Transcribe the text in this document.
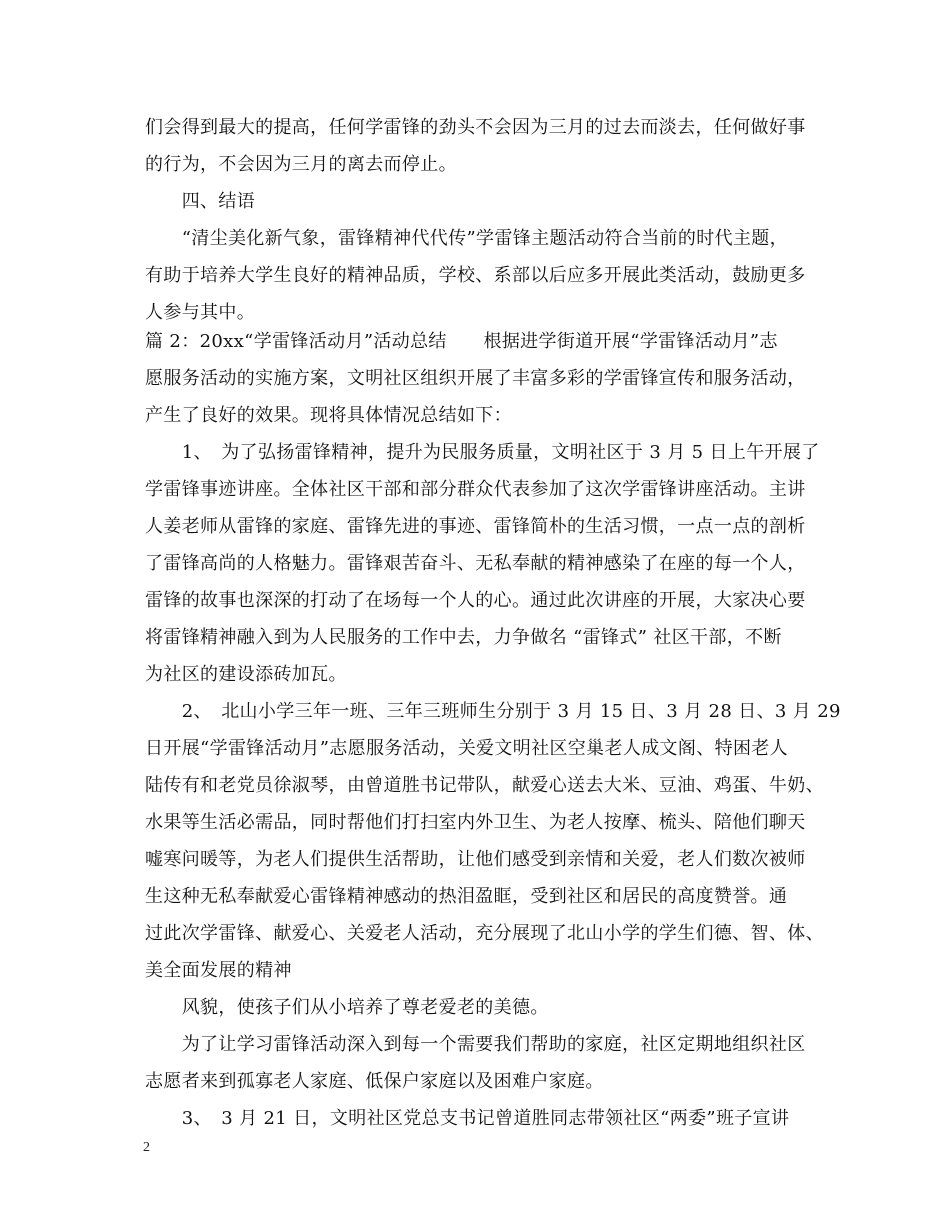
们会得到最大的提高，任何学雷锋的劲头不会因为三月的过去而淡去，任何做好事
的行为，不会因为三月的离去而停止。
　　四、结语
　　“清尘美化新气象，雷锋精神代代传”学雷锋主题活动符合当前的时代主题，
有助于培养大学生良好的精神品质，学校、系部以后应多开展此类活动，鼓励更多
人参与其中。
篇 2：20xx“学雷锋活动月”活动总结　　根据进学街道开展“学雷锋活动月”志
愿服务活动的实施方案，文明社区组织开展了丰富多彩的学雷锋宣传和服务活动，
产生了良好的效果。现将具体情况总结如下：
　　1、　为了弘扬雷锋精神，提升为民服务质量，文明社区于 3 月 5 日上午开展了
学雷锋事迹讲座。全体社区干部和部分群众代表参加了这次学雷锋讲座活动。主讲
人姜老师从雷锋的家庭、雷锋先进的事迹、雷锋简朴的生活习惯，一点一点的剖析
了雷锋高尚的人格魅力。雷锋艰苦奋斗、无私奉献的精神感染了在座的每一个人，
雷锋的故事也深深的打动了在场每一个人的心。通过此次讲座的开展，大家决心要
将雷锋精神融入到为人民服务的工作中去，力争做名 “雷锋式” 社区干部，不断
为社区的建设添砖加瓦。
　　2、　北山小学三年一班、三年三班师生分别于 3 月 15 日、3 月 28 日、3 月 29
日开展“学雷锋活动月”志愿服务活动，关爱文明社区空巢老人成文阁、特困老人
陆传有和老党员徐淑琴，由曾道胜书记带队，献爱心送去大米、豆油、鸡蛋、牛奶、
水果等生活必需品，同时帮他们打扫室内外卫生、为老人按摩、梳头、陪他们聊天
嘘寒问暖等，为老人们提供生活帮助，让他们感受到亲情和关爱，老人们数次被师
生这种无私奉献爱心雷锋精神感动的热泪盈眶，受到社区和居民的高度赞誉。通
过此次学雷锋、献爱心、关爱老人活动，充分展现了北山小学的学生们德、智、体、
美全面发展的精神
　　风貌，使孩子们从小培养了尊老爱老的美德。
　　为了让学习雷锋活动深入到每一个需要我们帮助的家庭，社区定期地组织社区
志愿者来到孤寡老人家庭、低保户家庭以及困难户家庭。
　　3、　3 月 21 日，文明社区党总支书记曾道胜同志带领社区“两委”班子宣讲
2
